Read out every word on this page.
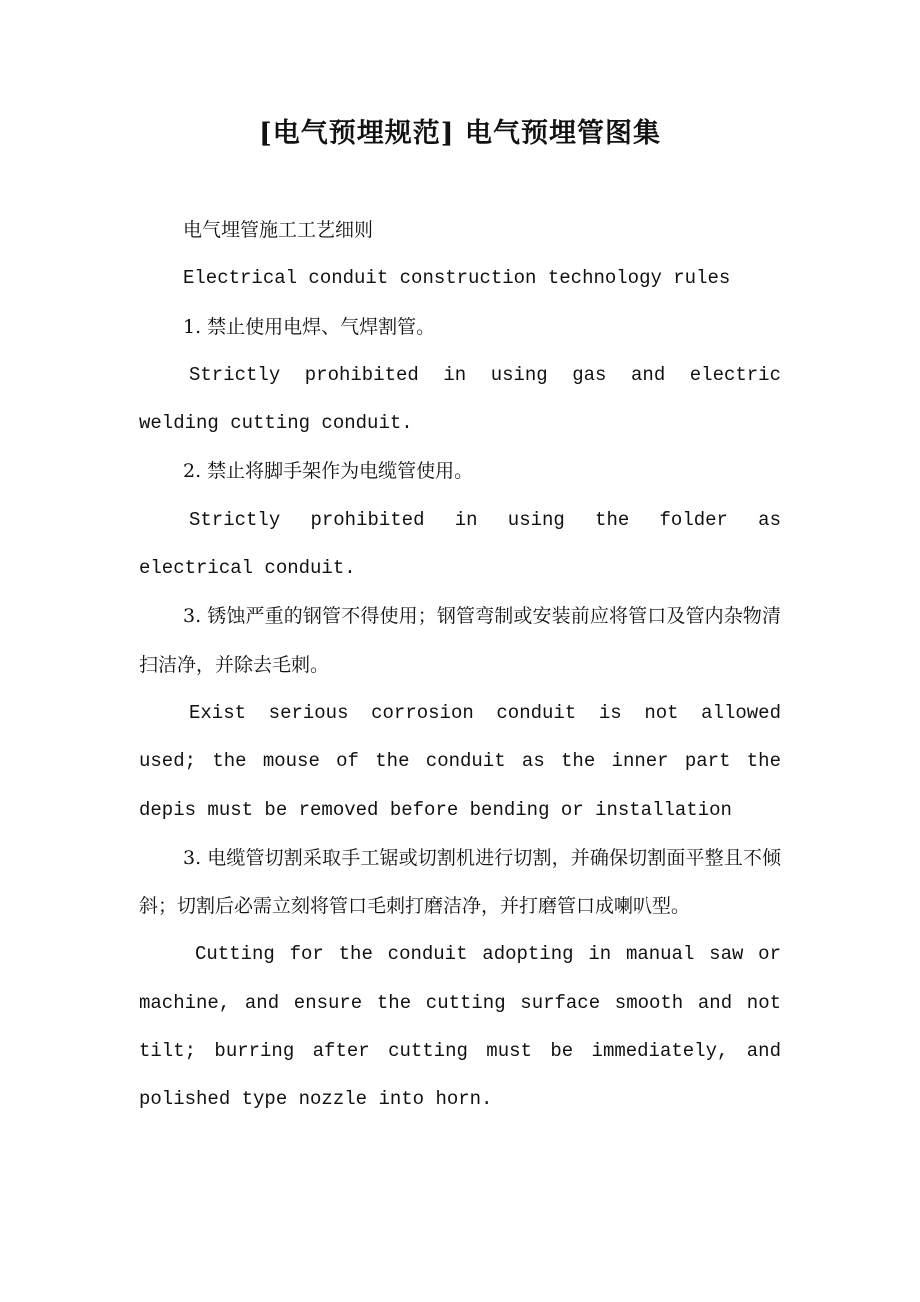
[电气预埋规范] 电气预埋管图集

电气埋管施工工艺细则

Electrical conduit construction technology rules

1. 禁止使用电焊、气焊割管。

Strictly prohibited in using gas and electric welding cutting conduit.

2. 禁止将脚手架作为电缆管使用。

Strictly prohibited in using the folder as electrical conduit.

3. 锈蚀严重的钢管不得使用；钢管弯制或安装前应将管口及管内杂物清扫洁净，并除去毛刺。

Exist serious corrosion conduit is not allowed used; the mouse of the conduit as the inner part the depis must be removed before bending or installation

3. 电缆管切割采取手工锯或切割机进行切割，并确保切割面平整且不倾斜；切割后必需立刻将管口毛刺打磨洁净，并打磨管口成喇叭型。

Cutting for the conduit adopting in manual saw or machine, and ensure the cutting surface smooth and not tilt; burring after cutting must be immediately, and polished type nozzle into horn.
